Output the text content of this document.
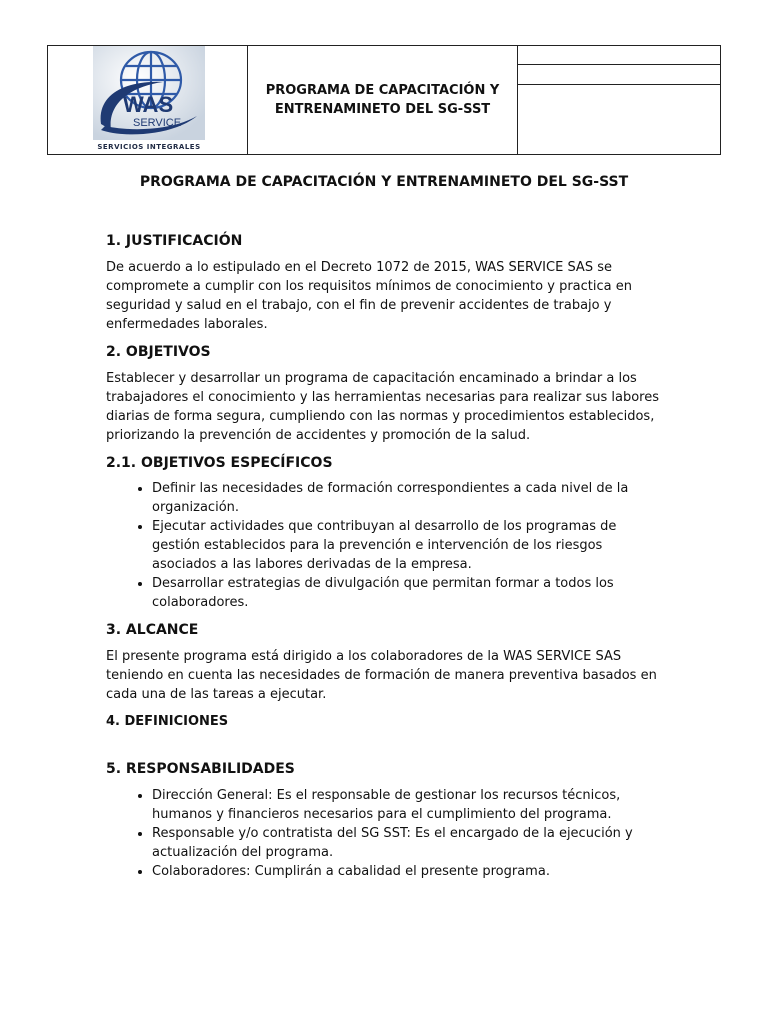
WAS
SERVICE
SERVICIOS INTEGRALES
PROGRAMA DE CAPACITACIÓN Y ENTRENAMINETO DEL SG-SST
PROGRAMA DE CAPACITACIÓN Y ENTRENAMINETO DEL SG-SST
1. JUSTIFICACIÓN

De acuerdo a lo estipulado en el Decreto 1072 de 2015, WAS SERVICE SAS se compromete a cumplir con los requisitos mínimos de conocimiento y practica en seguridad y salud en el trabajo, con el fin de prevenir accidentes de trabajo y enfermedades laborales.

2. OBJETIVOS

Establecer y desarrollar un programa de capacitación encaminado a brindar a los trabajadores el conocimiento y las herramientas necesarias para realizar sus labores diarias de forma segura, cumpliendo con las normas y procedimientos establecidos, priorizando la prevención de accidentes y promoción de la salud.

2.1. OBJETIVOS ESPECÍFICOS
• Definir las necesidades de formación correspondientes a cada nivel de la organización.
• Ejecutar actividades que contribuyan al desarrollo de los programas de gestión establecidos para la prevención e intervención de los riesgos asociados a las labores derivadas de la empresa.
• Desarrollar estrategias de divulgación que permitan formar a todos los colaboradores.
3. ALCANCE

El presente programa está dirigido a los colaboradores de la WAS SERVICE SAS teniendo en cuenta las necesidades de formación de manera preventiva basados en cada una de las tareas a ejecutar.

4. DEFINICIONES
5. RESPONSABILIDADES
• Dirección General: Es el responsable de gestionar los recursos técnicos, humanos y financieros necesarios para el cumplimiento del programa.
• Responsable y/o contratista del SG SST: Es el encargado de la ejecución y actualización del programa.
• Colaboradores: Cumplirán a cabalidad el presente programa.
